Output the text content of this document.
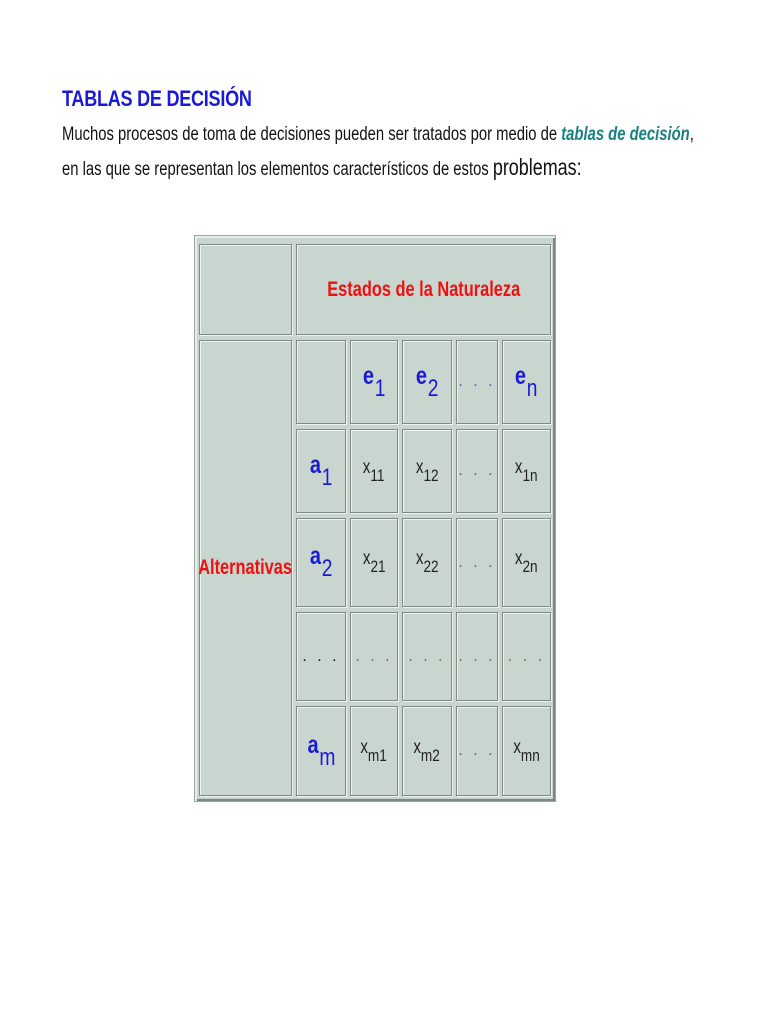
TABLAS DE DECISIÓN
Muchos procesos de toma de decisiones pueden ser tratados por medio de tablas de decisión,
en las que se representan los elementos característicos de estos problemas:
Estados de la Naturaleza
Alternativas
$e_1$ $e_2$ . . . $e_n$
$a_1$ $x_{11}$ $x_{12}$ . . . $x_{1n}$
$a_2$ $x_{21}$ $x_{22}$ . . . $x_{2n}$
. . . . . . . . . . . . . . .
$a_m$ $x_{m1}$ $x_{m2}$ . . . $x_{mn}$
